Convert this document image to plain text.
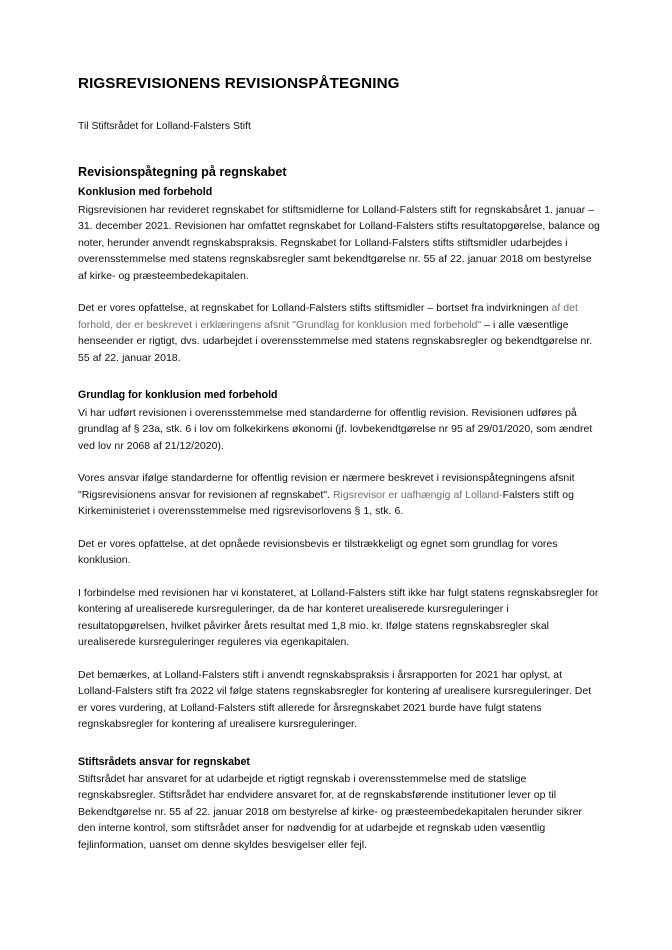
RIGSREVISIONENS REVISIONSPÅTEGNING

Til Stiftsrådet for Lolland-Falsters Stift

Revisionspåtegning på regnskabet
Konklusion med forbehold

Rigsrevisionen har revideret regnskabet for stiftsmidlerne for Lolland-Falsters stift for regnskabsåret 1. januar – 31. december 2021. Revisionen har omfattet regnskabet for Lolland-Falsters stifts resultatopgørelse, balance og noter, herunder anvendt regnskabspraksis. Regnskabet for Lolland-Falsters stifts stiftsmidler udarbejdes i overensstemmelse med statens regnskabsregler samt bekendtgørelse nr. 55 af 22. januar 2018 om bestyrelse af kirke- og præsteembedekapitalen.

Det er vores opfattelse, at regnskabet for Lolland-Falsters stifts stiftsmidler – bortset fra indvirkningen af det forhold, der er beskrevet i erklæringens afsnit "Grundlag for konklusion med forbehold" – i alle væsentlige henseender er rigtigt, dvs. udarbejdet i overensstemmelse med statens regnskabsregler og bekendtgørelse nr. 55 af 22. januar 2018.

Grundlag for konklusion med forbehold

Vi har udført revisionen i overensstemmelse med standarderne for offentlig revision. Revisionen udføres på grundlag af § 23a, stk. 6 i lov om folkekirkens økonomi (jf. lovbekendtgørelse nr 95 af 29/01/2020, som ændret ved lov nr 2068 af 21/12/2020).

Vores ansvar ifølge standarderne for offentlig revision er nærmere beskrevet i revisionspåtegningens afsnit "Rigsrevisionens ansvar for revisionen af regnskabet". Rigsrevisor er uafhængig af Lolland-Falsters stift og Kirkeministeriet i overensstemmelse med rigsrevisorlovens § 1, stk. 6.

Det er vores opfattelse, at det opnåede revisionsbevis er tilstrækkeligt og egnet som grundlag for vores konklusion.

I forbindelse med revisionen har vi konstateret, at Lolland-Falsters stift ikke har fulgt statens regnskabsregler for kontering af urealiserede kursreguleringer, da de har konteret urealiserede kursreguleringer i resultatopgørelsen, hvilket påvirker årets resultat med 1,8 mio. kr. Ifølge statens regnskabsregler skal urealiserede kursreguleringer reguleres via egenkapitalen.

Det bemærkes, at Lolland-Falsters stift i anvendt regnskabspraksis i årsrapporten for 2021 har oplyst, at Lolland-Falsters stift fra 2022 vil følge statens regnskabsregler for kontering af urealisere kursreguleringer. Det er vores vurdering, at Lolland-Falsters stift allerede for årsregnskabet 2021 burde have fulgt statens regnskabsregler for kontering af urealisere kursreguleringer.

Stiftsrådets ansvar for regnskabet

Stiftsrådet har ansvaret for at udarbejde et rigtigt regnskab i overensstemmelse med de statslige regnskabsregler. Stiftsrådet har endvidere ansvaret for, at de regnskabsførende institutioner lever op til Bekendtgørelse nr. 55 af 22. januar 2018 om bestyrelse af kirke- og præsteembedekapitalen herunder sikrer den interne kontrol, som stiftsrådet anser for nødvendig for at udarbejde et regnskab uden væsentlig fejlinformation, uanset om denne skyldes besvigelser eller fejl.
